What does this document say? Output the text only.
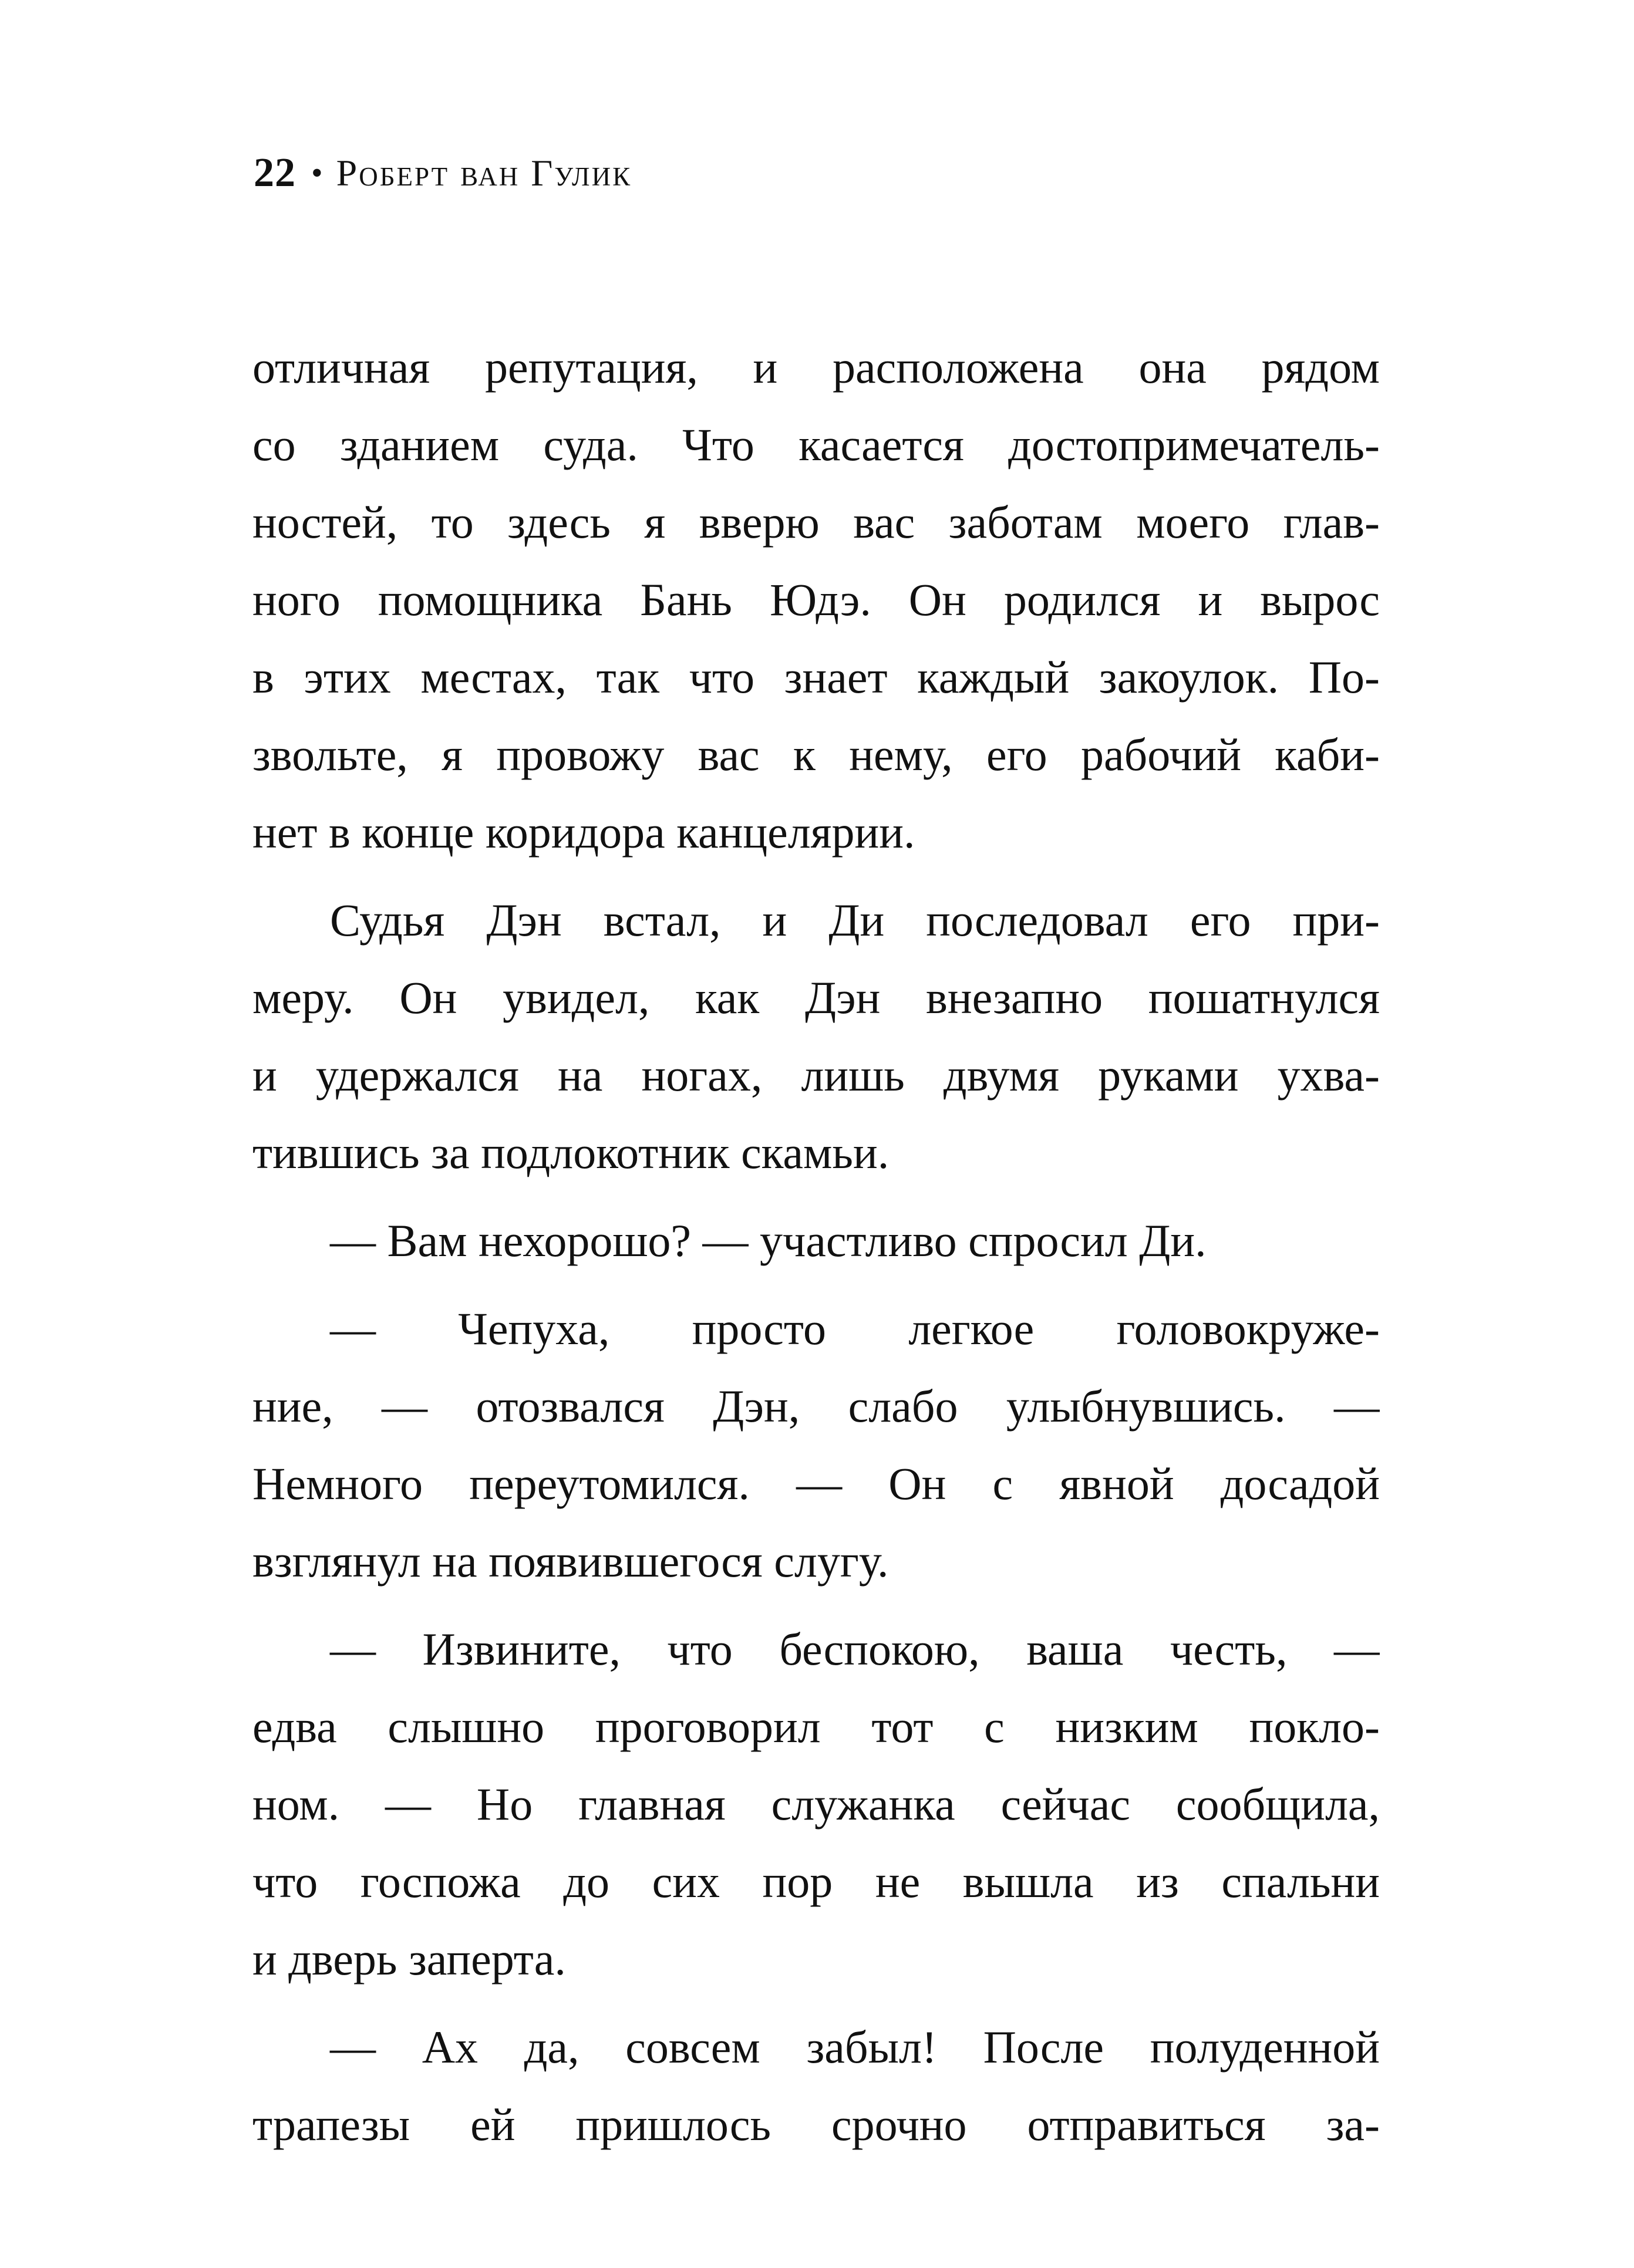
22 • Роберт ван Гулик
отличная репутация, и расположена она рядом
со зданием суда. Что касается достопримечатель-
ностей, то здесь я вверю вас заботам моего глав-
ного помощника Бань Юдэ. Он родился и вырос
в этих местах, так что знает каждый закоулок. По-
звольте, я провожу вас к нему, его рабочий каби-
нет в конце коридора канцелярии.
Судья Дэн встал, и Ди последовал его при-
меру. Он увидел, как Дэн внезапно пошатнулся
и удержался на ногах, лишь двумя руками ухва-
тившись за подлокотник скамьи.
— Вам нехорошо? — участливо спросил Ди.
— Чепуха, просто легкое головокруже-
ние, — отозвался Дэн, слабо улыбнувшись. —
Немного переутомился. — Он с явной досадой
взглянул на появившегося слугу.
— Извините, что беспокою, ваша честь, —
едва слышно проговорил тот с низким покло-
ном. — Но главная служанка сейчас сообщила,
что госпожа до сих пор не вышла из спальни
и дверь заперта.
— Ах да, совсем забыл! После полуденной
трапезы ей пришлось срочно отправиться за-
